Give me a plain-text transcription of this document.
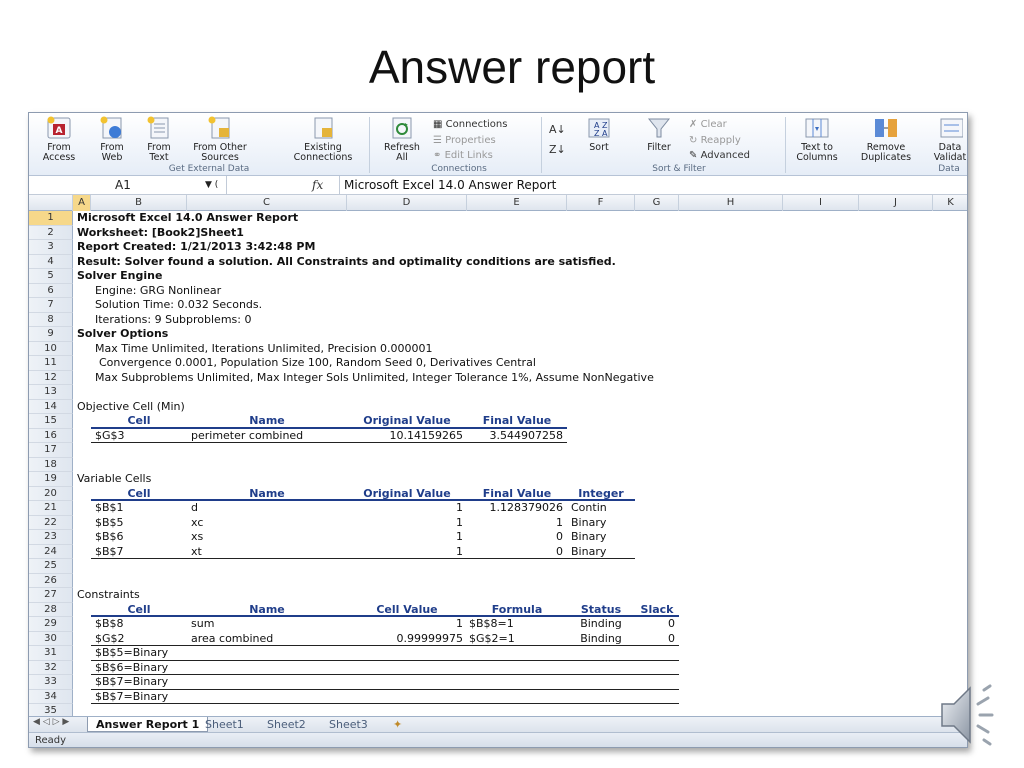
Answer report
A
From Access
From Web
From Text
From Other Sources
Existing Connections
Get External Data
Refresh All
▦ Connections
☰ Properties
⚭ Edit Links
Connections
A↓
Z↓
A Z
Z A
Sort	Filter
✗ Clear
↻ Reapply
✎ Advanced
Sort & Filter
Text to Columns
Remove Duplicates
Data Validat
Data
A1	▼ (	fx	Microsoft Excel 14.0 Answer Report
A	B	C	D	E	F	G	H	I	J	K
1	Microsoft Excel 14.0 Answer Report
2	Worksheet: [Book2]Sheet1
3	Report Created: 1/21/2013 3:42:48 PM
4	Result: Solver found a solution. All Constraints and optimality conditions are satisfied.
5	Solver Engine
6	Engine: GRG Nonlinear
7	Solution Time: 0.032 Seconds.
8	Iterations: 9 Subproblems: 0
9	Solver Options
10	Max Time Unlimited, Iterations Unlimited, Precision 0.000001
11	Convergence 0.0001, Population Size 100, Random Seed 0, Derivatives Central
12	Max Subproblems Unlimited, Max Integer Sols Unlimited, Integer Tolerance 1%, Assume NonNegative
13
14	Objective Cell (Min)
15	Cell	Name	Original Value	Final Value
16	$G$3	perimeter combined	10.14159265	3.544907258
17
18
19	Variable Cells
20	Cell	Name	Original Value	Final Value	Integer
21	$B$1	d	1	1.128379026 Contin
22	$B$5	xc	1	1 Binary
23	$B$6	xs	1	0 Binary
24	$B$7	xt	1	0 Binary
25
26
27	Constraints
28	Cell	Name	Cell Value	Formula	Status	Slack
29	$B$8	sum	1 $B$8=1	Binding	0
30	$G$2	area combined	0.99999975 $G$2=1	Binding	0
31	$B$5=Binary
32	$B$6=Binary
33	$B$7=Binary
34	$B$7=Binary
35
◀ ◁ ▷ ▶	Answer Report 1 Sheet1	Sheet2	Sheet3	✦
Ready
